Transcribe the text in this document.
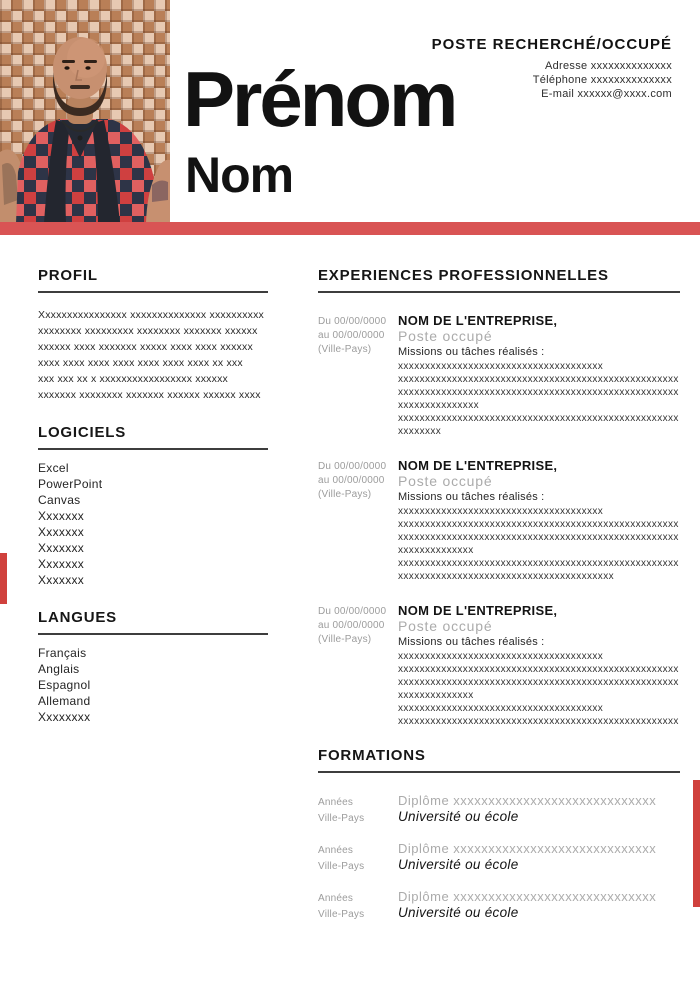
Prénom
Nom
POSTE RECHERCHÉ/OCCUPÉ
Adresse xxxxxxxxxxxxxx
Téléphone xxxxxxxxxxxxxx
E-mail xxxxxx@xxxx.com
PROFIL
Xxxxxxxxxxxxxxxx xxxxxxxxxxxxxx xxxxxxxxxx
xxxxxxxx xxxxxxxxx xxxxxxxx xxxxxxx xxxxxx
xxxxxx xxxx xxxxxxx xxxxx xxxx xxxx xxxxxx
xxxx xxxx xxxx xxxx xxxx xxxx xxxx xx xxx
xxx xxx xx x xxxxxxxxxxxxxxxxx xxxxxx
xxxxxxx xxxxxxxx xxxxxxx xxxxxx xxxxxx xxxx
LOGICIELS
Excel
PowerPoint
Canvas
Xxxxxxx
Xxxxxxx
Xxxxxxx
Xxxxxxx
Xxxxxxx
LANGUES
Français
Anglais
Espagnol
Allemand
Xxxxxxxx
EXPERIENCES PROFESSIONNELLES
Du 00/00/0000
au 00/00/0000
(Ville-Pays)
NOM DE L'ENTREPRISE,
Poste occupé
Missions ou tâches réalisés :
xxxxxxxxxxxxxxxxxxxxxxxxxxxxxxxxxxxxxx
xxxxxxxxxxxxxxxxxxxxxxxxxxxxxxxxxxxxxxxxxxxxxxxxxxxx
xxxxxxxxxxxxxxxxxxxxxxxxxxxxxxxxxxxxxxxxxxxxxxxxxxxx
xxxxxxxxxxxxxxx
xxxxxxxxxxxxxxxxxxxxxxxxxxxxxxxxxxxxxxxxxxxxxxxxxxxx
xxxxxxxx
Du 00/00/0000
au 00/00/0000
(Ville-Pays)
NOM DE L'ENTREPRISE,
Poste occupé
Missions ou tâches réalisés :
xxxxxxxxxxxxxxxxxxxxxxxxxxxxxxxxxxxxxx
xxxxxxxxxxxxxxxxxxxxxxxxxxxxxxxxxxxxxxxxxxxxxxxxxxxx
xxxxxxxxxxxxxxxxxxxxxxxxxxxxxxxxxxxxxxxxxxxxxxxxxxxx
xxxxxxxxxxxxxx
xxxxxxxxxxxxxxxxxxxxxxxxxxxxxxxxxxxxxxxxxxxxxxxxxxxx
xxxxxxxxxxxxxxxxxxxxxxxxxxxxxxxxxxxxxxxx
Du 00/00/0000
au 00/00/0000
(Ville-Pays)
NOM DE L'ENTREPRISE,
Poste occupé
Missions ou tâches réalisés :
xxxxxxxxxxxxxxxxxxxxxxxxxxxxxxxxxxxxxx
xxxxxxxxxxxxxxxxxxxxxxxxxxxxxxxxxxxxxxxxxxxxxxxxxxxx
xxxxxxxxxxxxxxxxxxxxxxxxxxxxxxxxxxxxxxxxxxxxxxxxxxxx
xxxxxxxxxxxxxx
xxxxxxxxxxxxxxxxxxxxxxxxxxxxxxxxxxxxxx
xxxxxxxxxxxxxxxxxxxxxxxxxxxxxxxxxxxxxxxxxxxxxxxxxxxx
FORMATIONS
Années
Ville-Pays
Diplôme xxxxxxxxxxxxxxxxxxxxxxxxxxxxx
Université ou école
Années
Ville-Pays
Diplôme xxxxxxxxxxxxxxxxxxxxxxxxxxxxx
Université ou école
Années
Ville-Pays
Diplôme xxxxxxxxxxxxxxxxxxxxxxxxxxxxx
Université ou école
